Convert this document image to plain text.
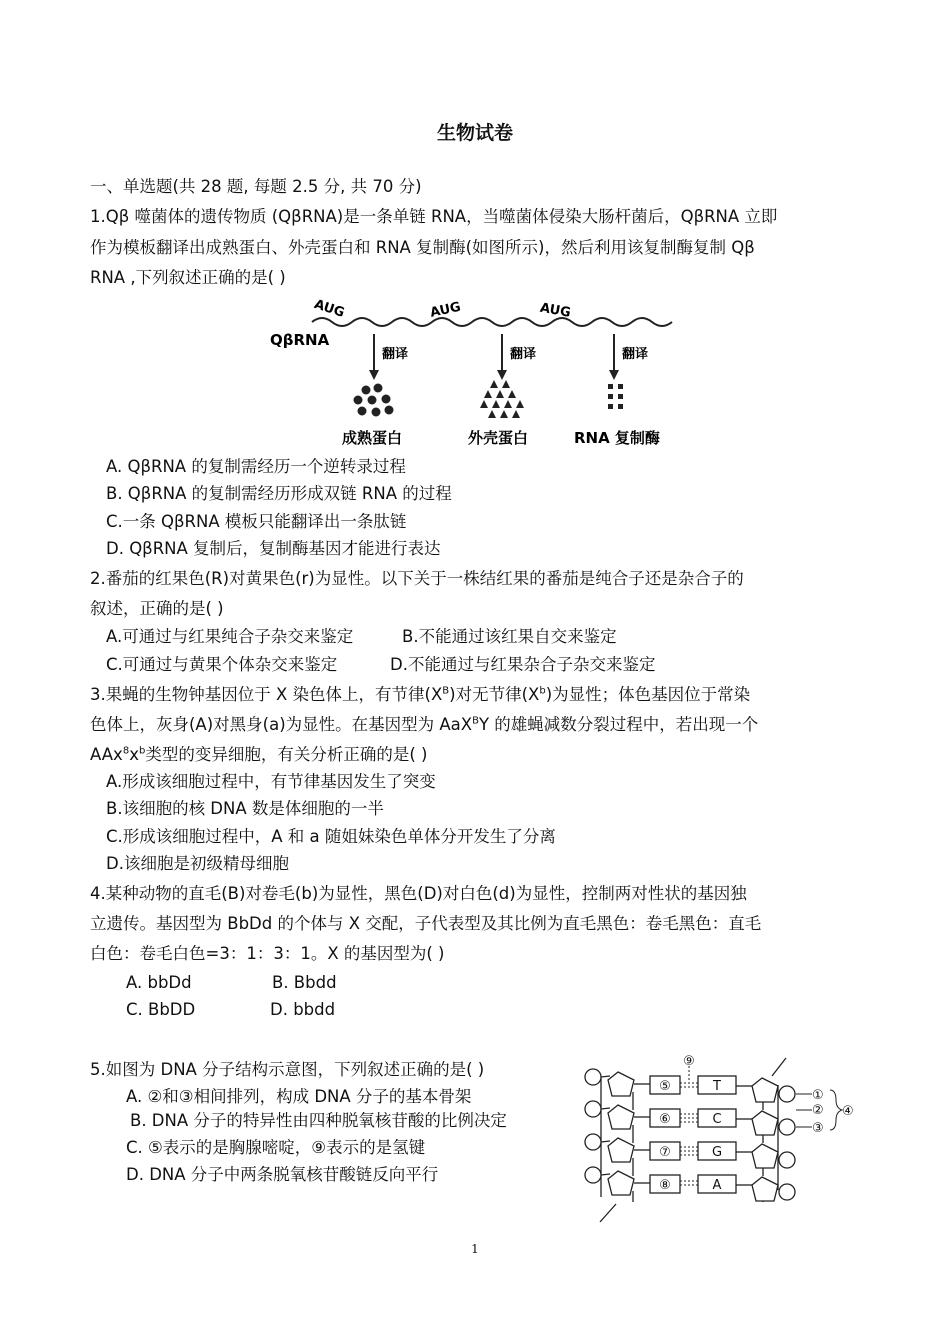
生物试卷
一、单选题(共 28 题, 每题 2.5 分, 共 70 分)
1.Qβ 噬菌体的遗传物质 (QβRNA)是一条单链 RNA，当噬菌体侵染大肠杆菌后，QβRNA 立即
作为模板翻译出成熟蛋白、外壳蛋白和 RNA 复制酶(如图所示)，然后利用该复制酶复制 Qβ
RNA ,下列叙述正确的是( )
QβRNA
AUG	AUG	AUG
翻译	翻译	翻译
成熟蛋白	外壳蛋白	RNA 复制酶
A. QβRNA 的复制需经历一个逆转录过程
B. QβRNA 的复制需经历形成双链 RNA 的过程
C.一条 QβRNA 模板只能翻译出一条肽链
D. QβRNA 复制后，复制酶基因才能进行表达
2.番茄的红果色(R)对黄果色(r)为显性。以下关于一株结红果的番茄是纯合子还是杂合子的
叙述，正确的是( )
A.可通过与红果纯合子杂交来鉴定	B.不能通过该红果自交来鉴定
C.可通过与黄果个体杂交来鉴定	D.不能通过与红果杂合子杂交来鉴定
3.果蝇的生物钟基因位于 X 染色体上，有节律$(X^B)$对无节律$(X^b)$为显性；体色基因位于常染
色体上，灰身(A)对黑身(a)为显性。在基因型为 AaX$^B$Y 的雄蝇减数分裂过程中，若出现一个
$AAx^8x^b$类型的变异细胞，有关分析正确的是( )
A.形成该细胞过程中，有节律基因发生了突变
B.该细胞的核 DNA 数是体细胞的一半
C.形成该细胞过程中，A 和 a 随姐妹染色单体分开发生了分离
D.该细胞是初级精母细胞
4.某种动物的直毛(B)对卷毛(b)为显性，黑色(D)对白色(d)为显性，控制两对性状的基因独
立遗传。基因型为 BbDd 的个体与 X 交配，子代表型及其比例为直毛黑色：卷毛黑色：直毛
白色：卷毛白色=3：1：3：1。X 的基因型为( )
A. bbDd	B. Bbdd
C. BbDD	D. bbdd
5.如图为 DNA 分子结构示意图，下列叙述正确的是( )
A. ②和③相间排列，构成 DNA 分子的基本骨架
B. DNA 分子的特异性由四种脱氧核苷酸的比例决定
C. ⑤表示的是胸腺嘧啶，⑨表示的是氢键
D. DNA 分子中两条脱氧核苷酸链反向平行
⑤
⑥
⑦
⑧
T
C
G
A
⑨
①
②
③
④
1
